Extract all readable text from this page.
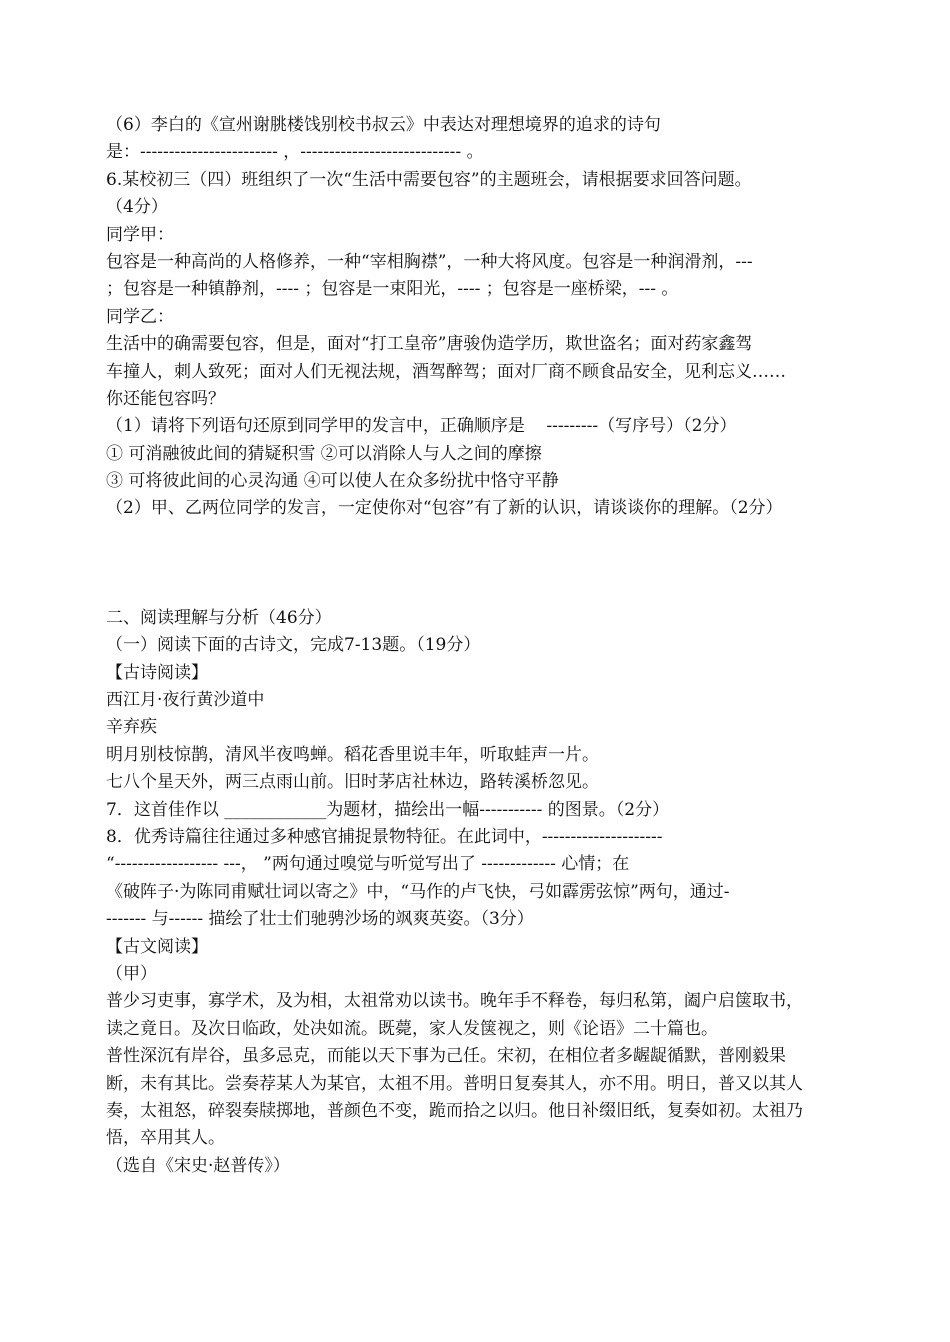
（6）李白的《宣州谢朓楼饯别校书叔云》中表达对理想境界的追求的诗句
是：------------------------ ，---------------------------- 。
6.某校初三（四）班组织了一次“生活中需要包容”的主题班会，请根据要求回答问题。
（4分）
同学甲：
包容是一种高尚的人格修养，一种“宰相胸襟”，一种大将风度。包容是一种润滑剂，---
；包容是一种镇静剂，---- ；包容是一束阳光，---- ；包容是一座桥梁，--- 。
同学乙：
生活中的确需要包容，但是，面对“打工皇帝”唐骏伪造学历，欺世盗名；面对药家鑫驾
车撞人，刺人致死；面对人们无视法规，酒驾醉驾；面对厂商不顾食品安全，见利忘义……
你还能包容吗？
（1）请将下列语句还原到同学甲的发言中，正确顺序是    ---------（写序号）（2分）
① 可消融彼此间的猜疑积雪 ②可以消除人与人之间的摩擦
③ 可将彼此间的心灵沟通 ④可以使人在众多纷扰中恪守平静
（2）甲、乙两位同学的发言，一定使你对“包容”有了新的认识，请谈谈你的理解。（2分）
二、阅读理解与分析（46分）
（一）阅读下面的古诗文，完成7-13题。（19分）
【古诗阅读】
西江月·夜行黄沙道中
辛弃疾
明月别枝惊鹊，清风半夜鸣蝉。稻花香里说丰年，听取蛙声一片。
七八个星天外，两三点雨山前。旧时茅店社林边，路转溪桥忽见。
7．这首佳作以 ____________为题材，描绘出一幅----------- 的图景。（2分）
8．优秀诗篇往往通过多种感官捕捉景物特征。在此词中，---------------------
“------------------ ---， ”两句通过嗅觉与听觉写出了 ------------- 心情；在
《破阵子·为陈同甫赋壮词以寄之》中，“马作的卢飞快，弓如霹雳弦惊”两句，通过-
------- 与------ 描绘了壮士们驰骋沙场的飒爽英姿。（3分）
【古文阅读】
（甲）
普少习吏事，寡学术，及为相，太祖常劝以读书。晚年手不释卷，每归私第，阖户启箧取书，
读之竟日。及次日临政，处决如流。既薨，家人发箧视之，则《论语》二十篇也。
普性深沉有岸谷，虽多忌克，而能以天下事为己任。宋初，在相位者多龌龊循默，普刚毅果
断，未有其比。尝奏荐某人为某官，太祖不用。普明日复奏其人，亦不用。明日，普又以其人
奏，太祖怒，碎裂奏牍掷地，普颜色不变，跪而拾之以归。他日补缀旧纸，复奏如初。太祖乃
悟，卒用其人。
（选自《宋史·赵普传》）
